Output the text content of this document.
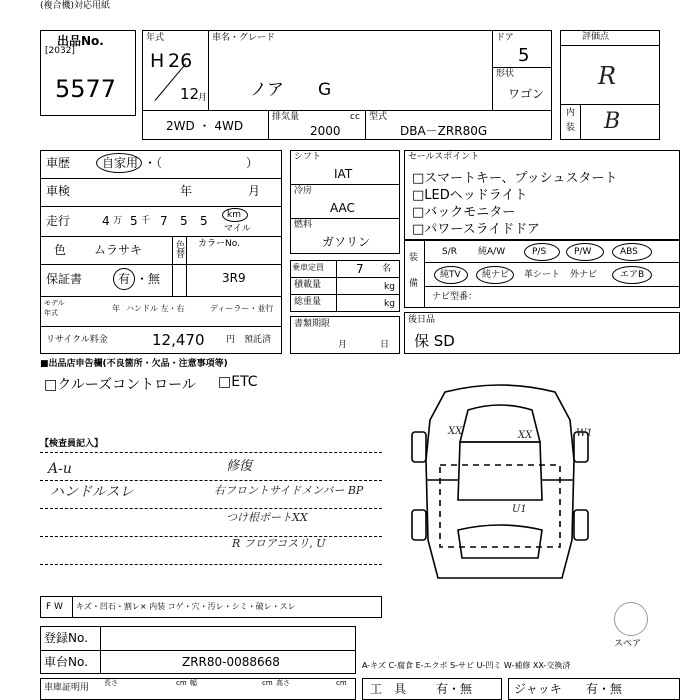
(複合機)対応用紙
出品No.
[2032]
5577
年式
H 26
12
月
車名・グレード
ノア G
ドア
5
形状
ワゴン
2WD ・ 4WD
排気量
2000
cc 型式
DBA－ZRR80G
評価点
R
内
装 B
車歴	自家用 ・（　　　　　　　）
車検	年	月
走行	4 万 5 千 7 5 5 km
マイル
色 ムラサキ	色替 カラーNo.
3R9
保証書	有 ・無
モデル
年式	年 ハンドル 左・右	ディーラー・並行
リサイクル料金	12,470 円 預託済
シフト
IAT
冷房
AAC
燃料
ガソリン
乗車定員	7 名
積載量	kg
総重量	kg
書類期限
月	日
セールスポイント
□スマートキー、プッシュスタート
□LEDヘッドライト
□バックモニター
□パワースライドドア
装
備
S/R 純A/W	P/S	P/W	ABS
純TV 純ナビ 革シート 外ナビ	エアB
ナビ型番：
後日品
保 SD
■出品店申告欄(不良箇所・欠品・注意事項等)
□クルーズコントロール □ETC
【検査員記入】
A-u
ハンドルスレ
修復
右フロントサイドメンバー BP
つけ根ポートXX
R フロアコスリ, U
XX	XX	W1
U1
スペア
F W キズ・凹石・割レ× 内装 コゲ・穴・汚レ・シミ・破レ・スレ
登録No.
車台No.	ZRR80-0088668	A-キズ C-腐食 E-エクボ S-サビ U-凹ミ W-補修 XX-交換済
車庫証明用 長さ	cm 幅	cm 高さ	cm 工　具 有・無	ジャッキ 有・無
